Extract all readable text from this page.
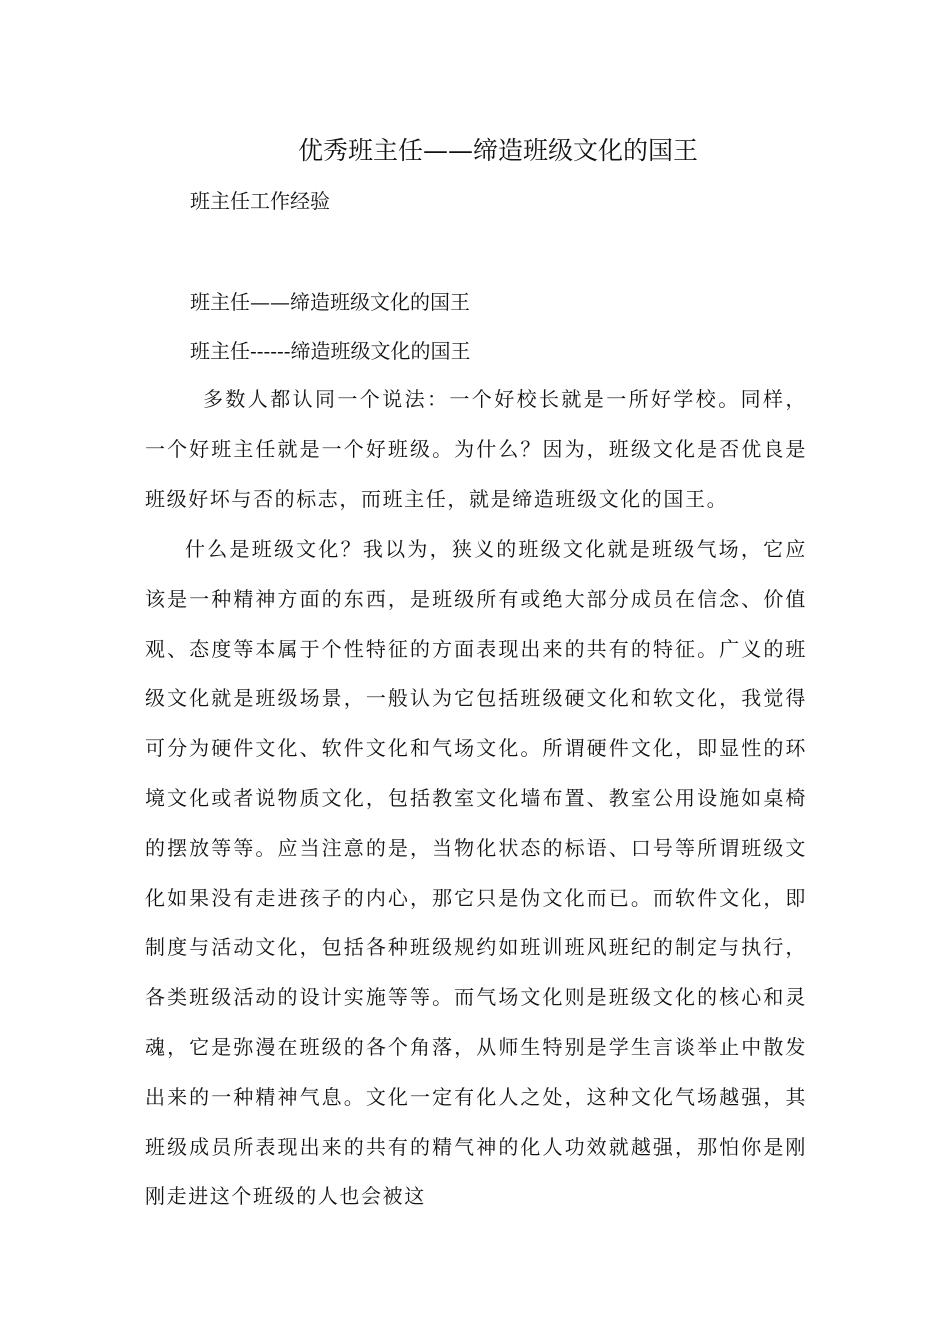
优秀班主任——缔造班级文化的国王
班主任工作经验
班主任——缔造班级文化的国王
班主任------缔造班级文化的国王
多数人都认同一个说法：一个好校长就是一所好学校。同样，一个好班主任就是一个好班级。为什么？因为，班级文化是否优良是班级好坏与否的标志，而班主任，就是缔造班级文化的国王。
什么是班级文化？我以为，狭义的班级文化就是班级气场，它应该是一种精神方面的东西，是班级所有或绝大部分成员在信念、价值观、态度等本属于个性特征的方面表现出来的共有的特征。广义的班级文化就是班级场景，一般认为它包括班级硬文化和软文化，我觉得可分为硬件文化、软件文化和气场文化。所谓硬件文化，即显性的环境文化或者说物质文化，包括教室文化墙布置、教室公用设施如桌椅的摆放等等。应当注意的是，当物化状态的标语、口号等所谓班级文化如果没有走进孩子的内心，那它只是伪文化而已。而软件文化，即制度与活动文化，包括各种班级规约如班训班风班纪的制定与执行，各类班级活动的设计实施等等。而气场文化则是班级文化的核心和灵魂，它是弥漫在班级的各个角落，从师生特别是学生言谈举止中散发出来的一种精神气息。文化一定有化人之处，这种文化气场越强，其班级成员所表现出来的共有的精气神的化人功效就越强，那怕你是刚刚走进这个班级的人也会被这
